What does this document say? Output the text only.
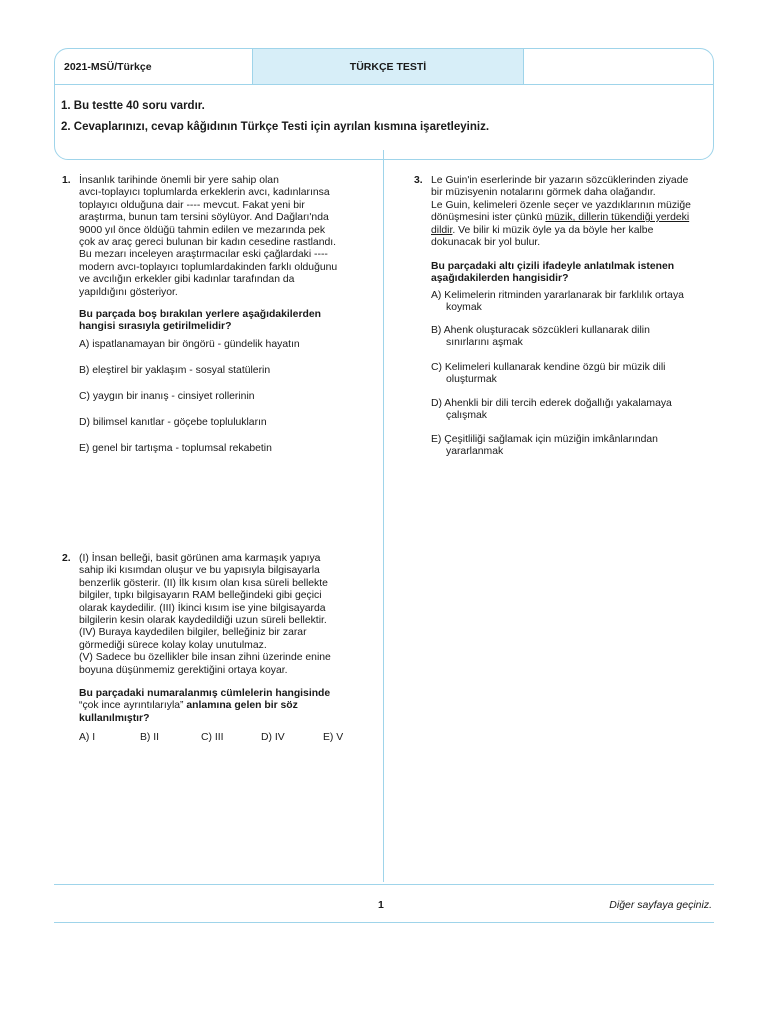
2021-MSÜ/Türkçe	TÜRKÇE TESTİ
1. Bu testte 40 soru vardır.
2. Cevaplarınızı, cevap kâğıdının Türkçe Testi için ayrılan kısmına işaretleyiniz.
1. İnsanlık tarihinde önemli bir yere sahip olan

avcı-toplayıcı toplumlarda erkeklerin avcı, kadınlarınsa

toplayıcı olduğuna dair ---- mevcut. Fakat yeni bir

araştırma, bunun tam tersini söylüyor. And Dağları'nda

9000 yıl önce öldüğü tahmin edilen ve mezarında pek

çok av araç gereci bulunan bir kadın cesedine rastlandı.

Bu mezarı inceleyen araştırmacılar eski çağlardaki ----

modern avcı-toplayıcı toplumlardakinden farklı olduğunu

ve avcılığın erkekler gibi kadınlar tarafından da

yapıldığını gösteriyor.

Bu parçada boş bırakılan yerlere aşağıdakilerden

hangisi sırasıyla getirilmelidir?

A) ispatlanamayan bir öngörü - gündelik hayatın
B) eleştirel bir yaklaşım - sosyal statülerin
C) yaygın bir inanış - cinsiyet rollerinin
D) bilimsel kanıtlar - göçebe toplulukların
E) genel bir tartışma - toplumsal rekabetin
2. (I) İnsan belleği, basit görünen ama karmaşık yapıya

sahip iki kısımdan oluşur ve bu yapısıyla bilgisayarla

benzerlik gösterir. (II) İlk kısım olan kısa süreli bellekte

bilgiler, tıpkı bilgisayarın RAM belleğindeki gibi geçici

olarak kaydedilir. (III) İkinci kısım ise yine bilgisayarda

bilgilerin kesin olarak kaydedildiği uzun süreli bellektir.

(IV) Buraya kaydedilen bilgiler, belleğiniz bir zarar

görmediği sürece kolay kolay unutulmaz.

(V) Sadece bu özellikler bile insan zihni üzerinde enine

boyuna düşünmemiz gerektiğini ortaya koyar.

Bu parçadaki numaralanmış cümlelerin hangisinde

“çok ince ayrıntılarıyla” anlamına gelen bir söz

kullanılmıştır?

A) I	B) II	C) III	D) IV	E) V
3. Le Guin'in eserlerinde bir yazarın sözcüklerinden ziyade

bir müzisyenin notalarını görmek daha olağandır.

Le Guin, kelimeleri özenle seçer ve yazdıklarının müziğe

dönüşmesini ister çünkü müzik, dillerin tükendiği yerdeki

dildir. Ve bilir ki müzik öyle ya da böyle her kalbe

dokunacak bir yol bulur.

Bu parçadaki altı çizili ifadeyle anlatılmak istenen

aşağıdakilerden hangisidir?

A) Kelimelerin ritminden yararlanarak bir farklılık ortaya
koymak
B) Ahenk oluşturacak sözcükleri kullanarak dilin
sınırlarını aşmak
C) Kelimeleri kullanarak kendine özgü bir müzik dili
oluşturmak
D) Ahenkli bir dili tercih ederek doğallığı yakalamaya
çalışmak
E) Çeşitliliği sağlamak için müziğin imkânlarından
yararlanmak
1	Diğer sayfaya geçiniz.
